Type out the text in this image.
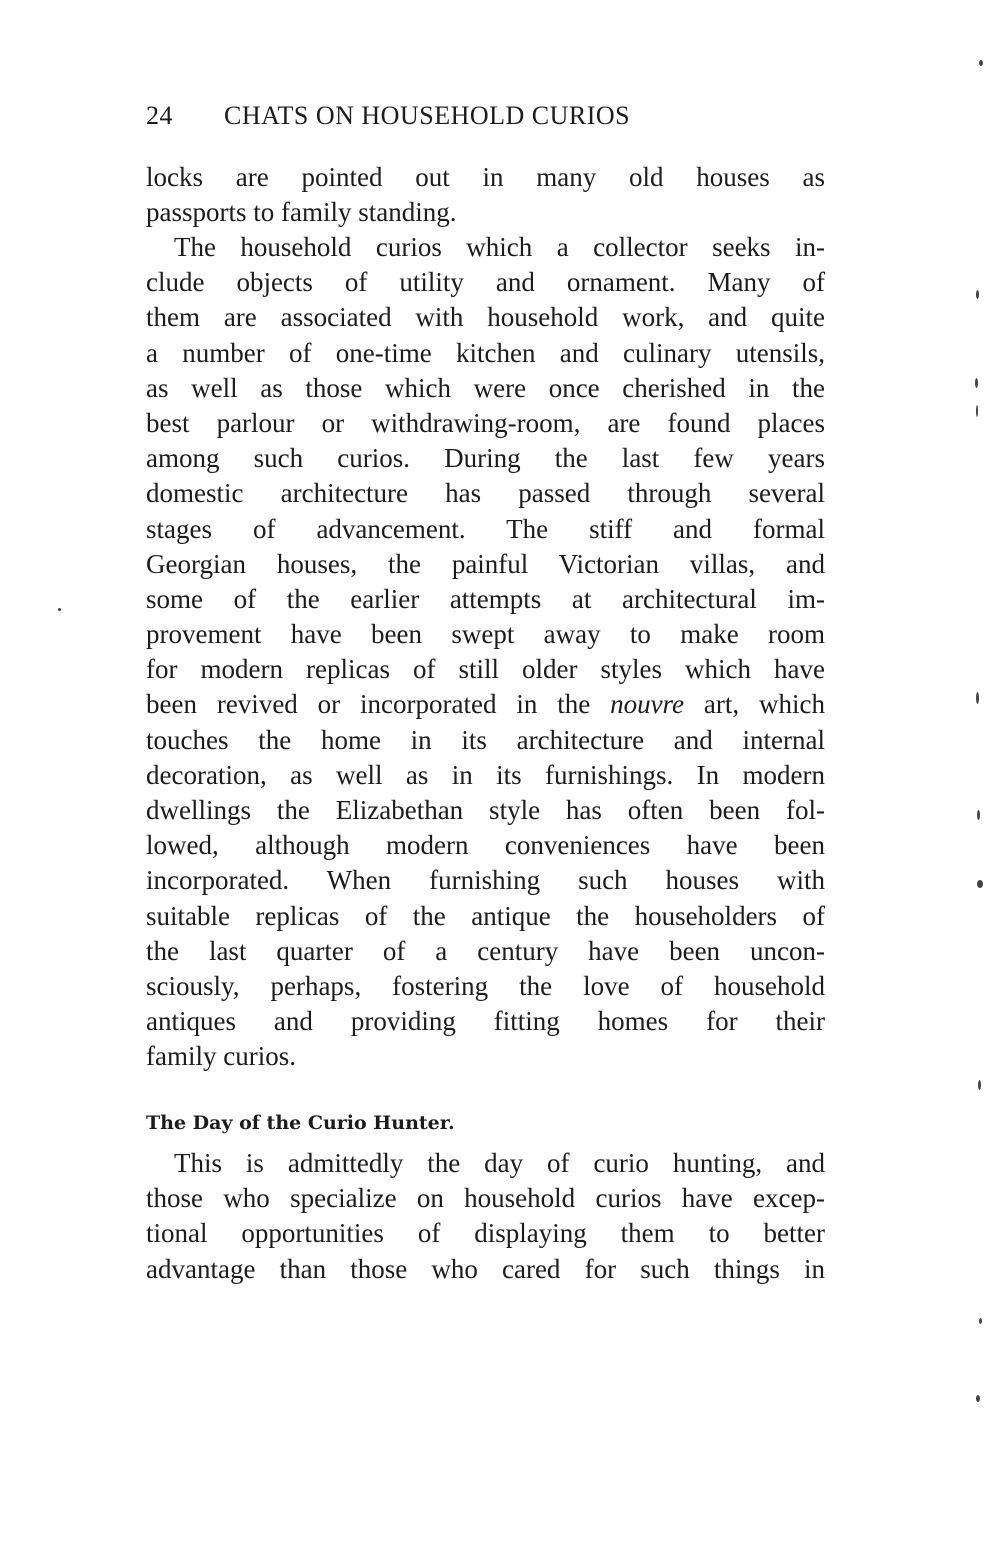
24 CHATS ON HOUSEHOLD CURIOS
locks are pointed out in many old houses as
passports to family standing.
The household curios which a collector seeks in-
clude objects of utility and ornament. Many of
them are associated with household work, and quite
a number of one-time kitchen and culinary utensils,
as well as those which were once cherished in the
best parlour or withdrawing-room, are found places
among such curios. During the last few years
domestic architecture has passed through several
stages of advancement. The stiff and formal
Georgian houses, the painful Victorian villas, and
some of the earlier attempts at architectural im-
provement have been swept away to make room
for modern replicas of still older styles which have
been revived or incorporated in the nouvre art, which
touches the home in its architecture and internal
decoration, as well as in its furnishings. In modern
dwellings the Elizabethan style has often been fol-
lowed, although modern conveniences have been
incorporated. When furnishing such houses with
suitable replicas of the antique the householders of
the last quarter of a century have been uncon-
sciously, perhaps, fostering the love of household
antiques and providing fitting homes for their
family curios.
The Day of the Curio Hunter.
This is admittedly the day of curio hunting, and
those who specialize on household curios have excep-
tional opportunities of displaying them to better
advantage than those who cared for such things in
